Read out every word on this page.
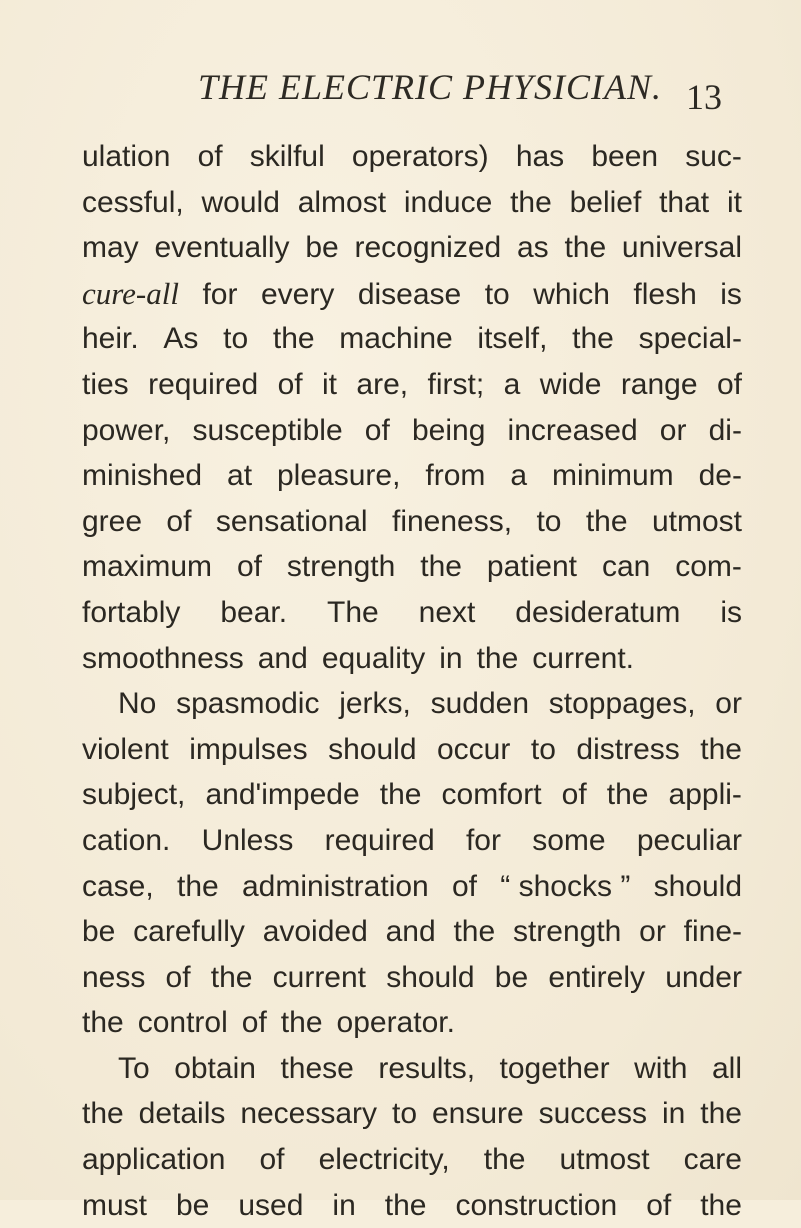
THE ELECTRIC PHYSICIAN. 13
ulation of skilful operators) has been suc-
cessful, would almost induce the belief that it
may eventually be recognized as the universal
cure-all for every disease to which flesh is
heir. As to the machine itself, the special-
ties required of it are, first; a wide range of
power, susceptible of being increased or di-
minished at pleasure, from a minimum de-
gree of sensational fineness, to the utmost
maximum of strength the patient can com-
fortably bear. The next desideratum is
smoothness and equality in the current.
No spasmodic jerks, sudden stoppages, or
violent impulses should occur to distress the
subject, and'impede the comfort of the appli-
cation. Unless required for some peculiar
case, the administration of “ shocks ” should
be carefully avoided and the strength or fine-
ness of the current should be entirely under
the control of the operator.
To obtain these results, together with all
the details necessary to ensure success in the
application of electricity, the utmost care
must be used in the construction of the
